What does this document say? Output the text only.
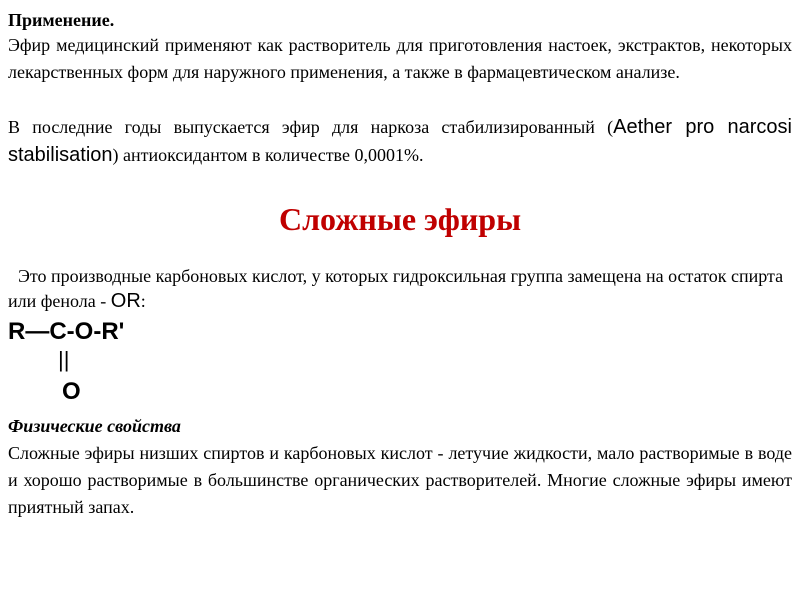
Применение.
Эфир медицинский применяют как растворитель для приготовления настоек, экстрактов, некоторых лекарственных форм для наружного применения, а также в фармацевтическом анализе.
В последние годы выпускается эфир для наркоза стабилизированный (Aether pro narcosi stabilisation) антиоксидантом в количестве 0,0001%.
Сложные эфиры
Это производные карбоновых кислот, у которых гидроксильная группа замещена на остаток спирта или фенола - OR:
R—C-O-R'
||
O
Физические свойства
Сложные эфиры низших спиртов и карбоновых кислот - летучие жидкости, мало растворимые в воде и хорошо растворимые в большинстве органических растворителей. Многие сложные эфиры имеют приятный запах.
